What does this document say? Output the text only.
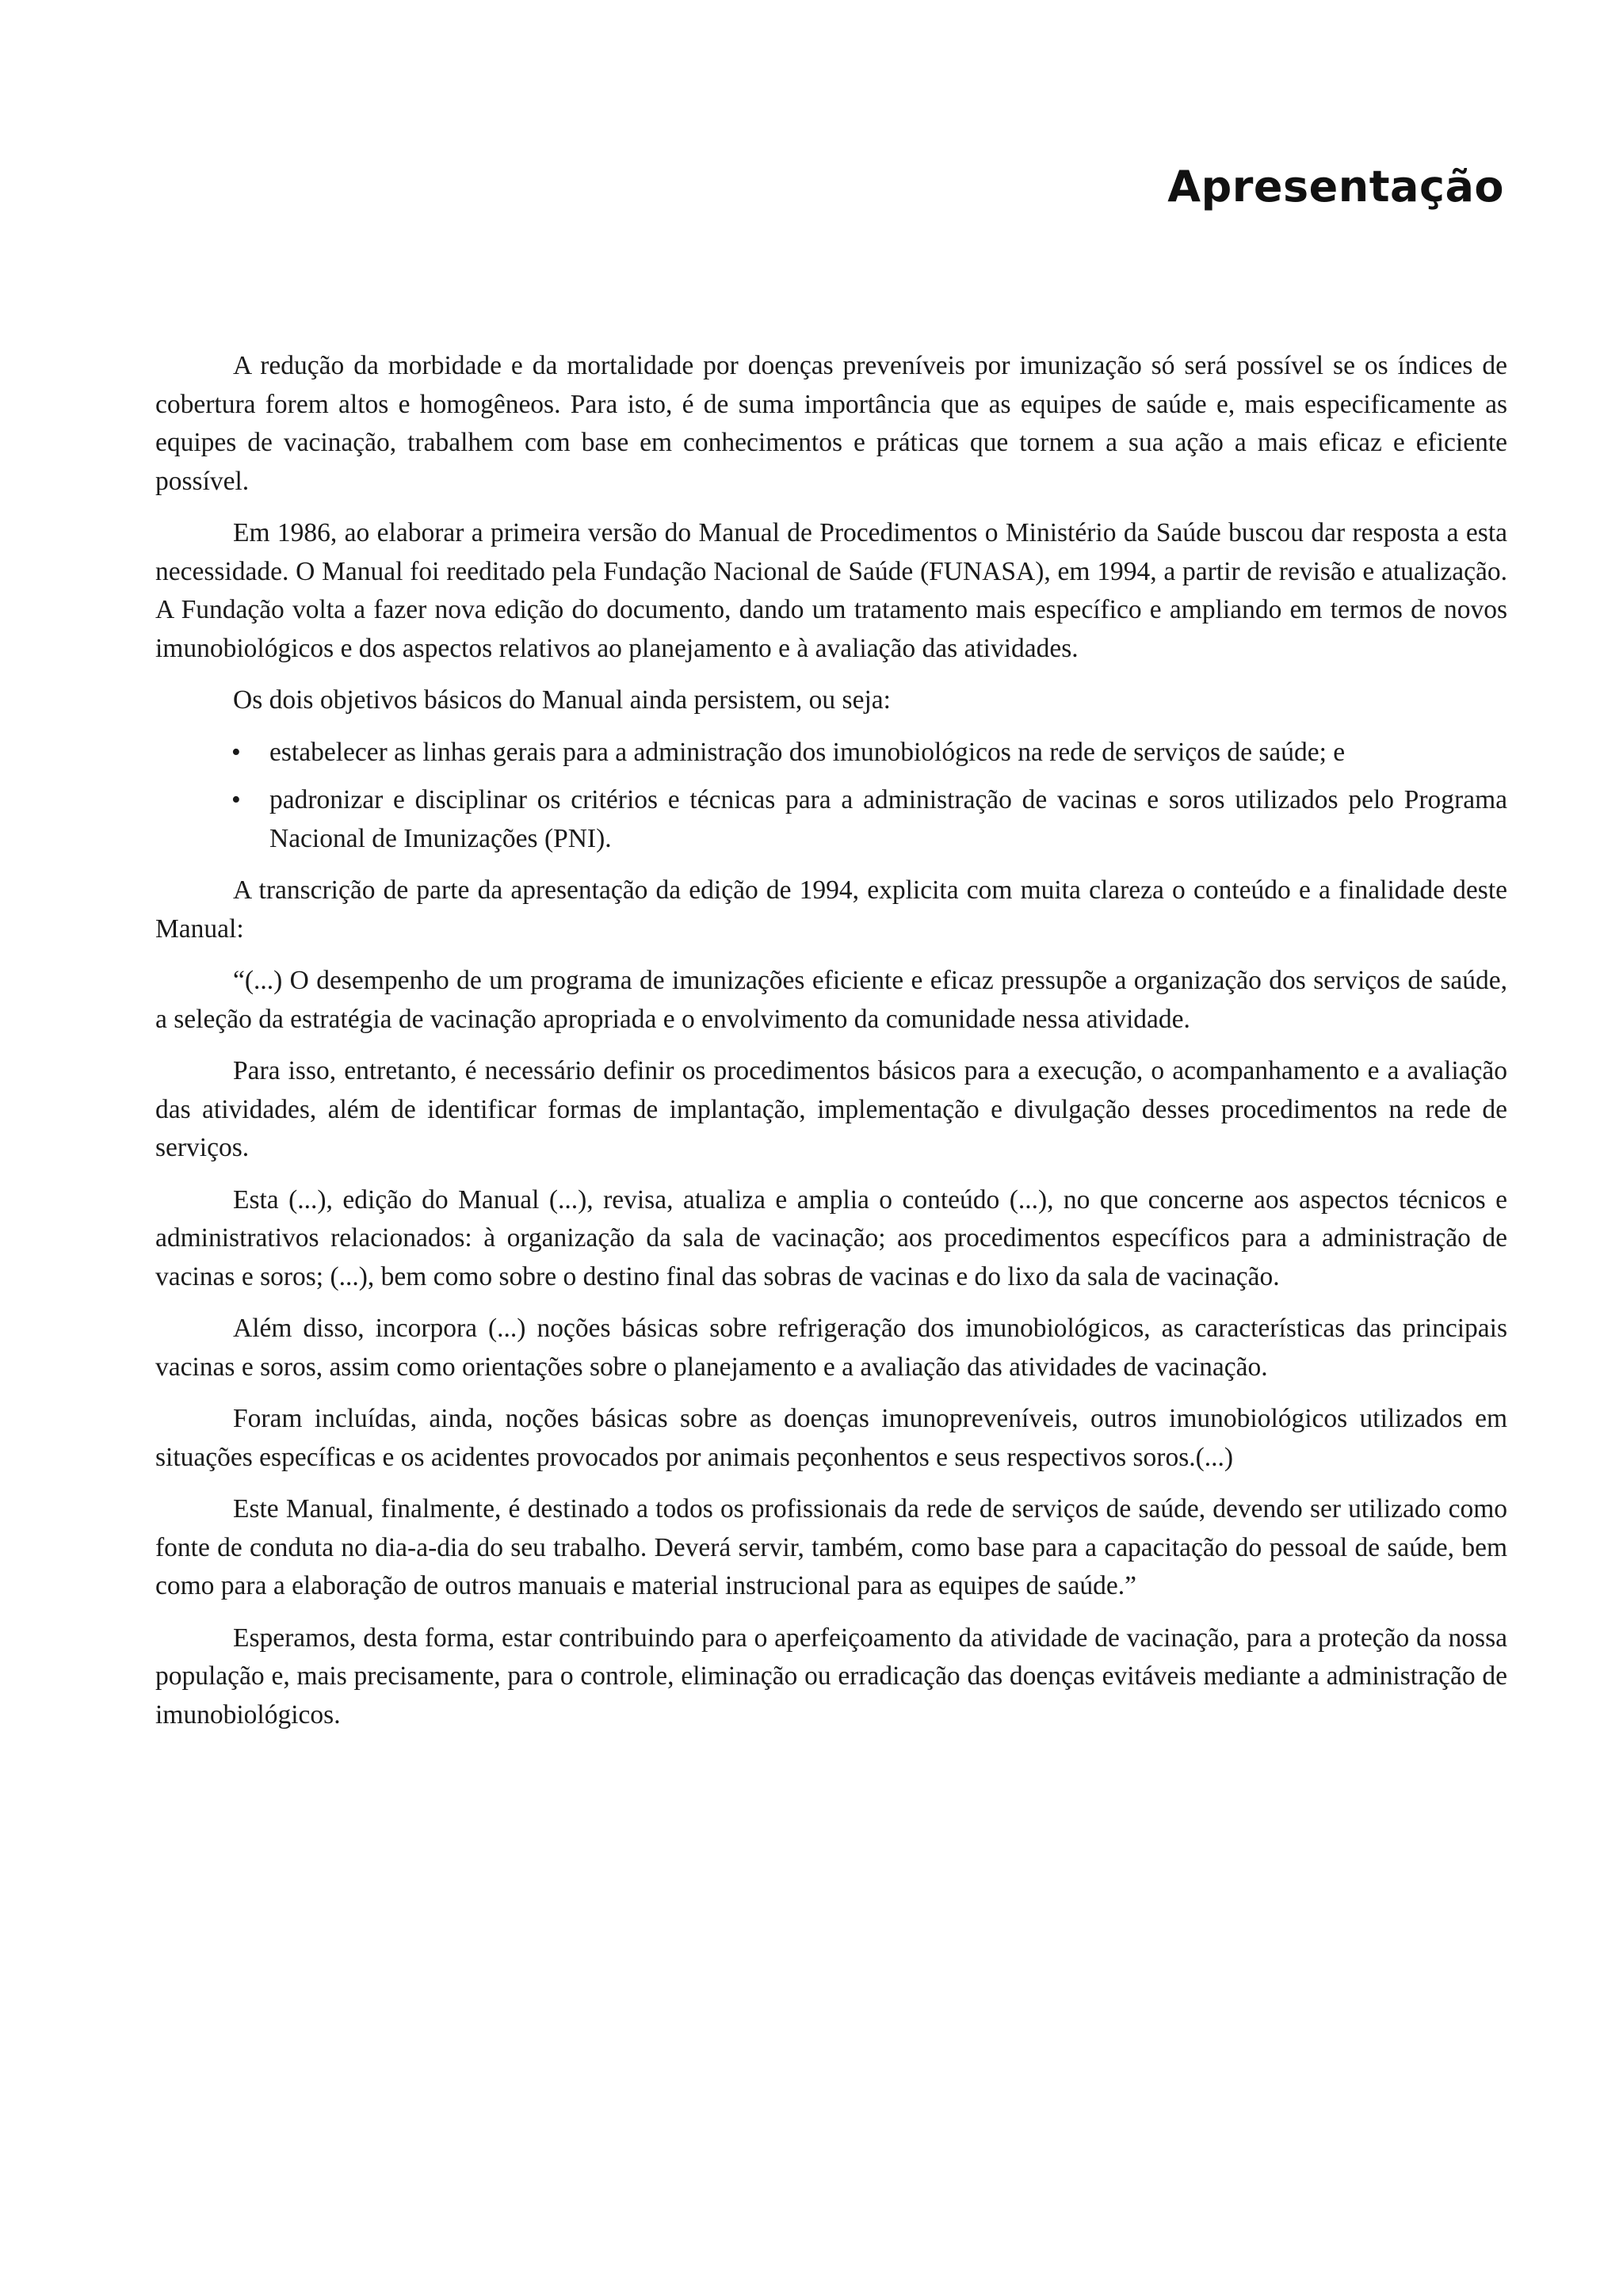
Apresentação

A redução da morbidade e da mortalidade por doenças preveníveis por imunização só será possível se os índices de cobertura forem altos e homogêneos. Para isto, é de suma importância que as equipes de saúde e, mais especificamente as equipes de vacinação, trabalhem com base em conhecimentos e práticas que tornem a sua ação a mais eficaz e eficiente possível.

Em 1986, ao elaborar a primeira versão do Manual de Procedimentos o Ministério da Saúde buscou dar resposta a esta necessidade. O Manual foi reeditado pela Fundação Nacional de Saúde (FUNASA), em 1994, a partir de revisão e atualização. A Fundação volta a fazer nova edição do documento, dando um tratamento mais específico e ampliando em termos de novos imunobiológicos e dos aspectos relativos ao planejamento e à avaliação das atividades.

Os dois objetivos básicos do Manual ainda persistem, ou seja:

• estabelecer as linhas gerais para a administração dos imunobiológicos na rede de serviços de saúde; e
• padronizar e disciplinar os critérios e técnicas para a administração de vacinas e soros utilizados pelo Programa Nacional de Imunizações (PNI).

A transcrição de parte da apresentação da edição de 1994, explicita com muita clareza o conteúdo e a finalidade deste Manual:

“(...) O desempenho de um programa de imunizações eficiente e eficaz pressupõe a organização dos serviços de saúde, a seleção da estratégia de vacinação apropriada e o envolvimento da comunidade nessa atividade.

Para isso, entretanto, é necessário definir os procedimentos básicos para a execução, o acompanhamento e a avaliação das atividades, além de identificar formas de implantação, implementação e divulgação desses procedimentos na rede de serviços.

Esta (...), edição do Manual (...), revisa, atualiza e amplia o conteúdo (...), no que concerne aos aspectos técnicos e administrativos relacionados: à organização da sala de vacinação; aos procedimentos específicos para a administração de vacinas e soros; (...), bem como sobre o destino final das sobras de vacinas e do lixo da sala de vacinação.

Além disso, incorpora (...) noções básicas sobre refrigeração dos imunobiológicos, as características das principais vacinas e soros, assim como orientações sobre o planejamento e a avaliação das atividades de vacinação.

Foram incluídas, ainda, noções básicas sobre as doenças imunopreveníveis, outros imunobiológicos utilizados em situações específicas e os acidentes provocados por animais peçonhentos e seus respectivos soros.(...)

Este Manual, finalmente, é destinado a todos os profissionais da rede de serviços de saúde, devendo ser utilizado como fonte de conduta no dia-a-dia do seu trabalho. Deverá servir, também, como base para a capacitação do pessoal de saúde, bem como para a elaboração de outros manuais e material instrucional para as equipes de saúde.”

Esperamos, desta forma, estar contribuindo para o aperfeiçoamento da atividade de vacinação, para a proteção da nossa população e, mais precisamente, para o controle, eliminação ou erradicação das doenças evitáveis mediante a administração de imunobiológicos.
